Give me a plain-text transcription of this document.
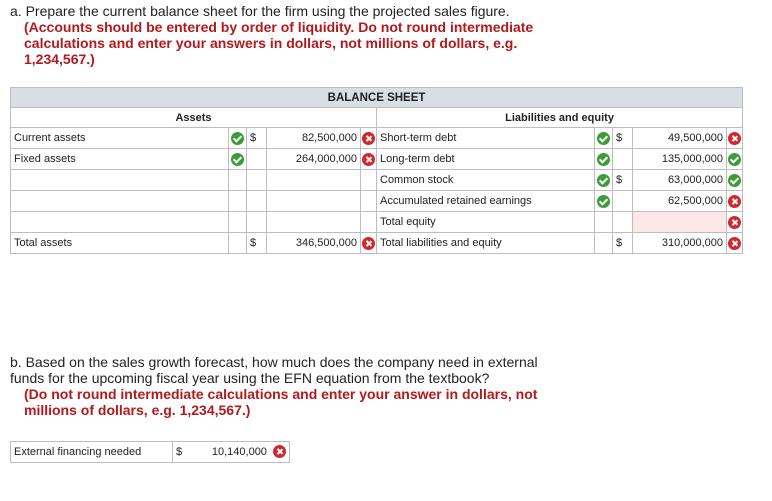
a. Prepare the current balance sheet for the firm using the projected sales figure.
(Accounts should be entered by order of liquidity. Do not round intermediate calculations and enter your answers in dollars, not millions of dollars, e.g. 1,234,567.)
BALANCE SHEET									
Assets					Liabilities and equity				
Current assets		$	82,500,000		Short-term debt		$	49,500,000	
Fixed assets			264,000,000		Long-term debt			135,000,000	
					Common stock		$	63,000,000	
					Accumulated retained earnings			62,500,000	
					Total equity				
Total assets		$	346,500,000		Total liabilities and equity		$	310,000,000	
b. Based on the sales growth forecast, how much does the company need in external funds for the upcoming fiscal year using the EFN equation from the textbook?
(Do not round intermediate calculations and enter your answer in dollars, not millions of dollars, e.g. 1,234,567.)
External financing needed	$	10,140,000
